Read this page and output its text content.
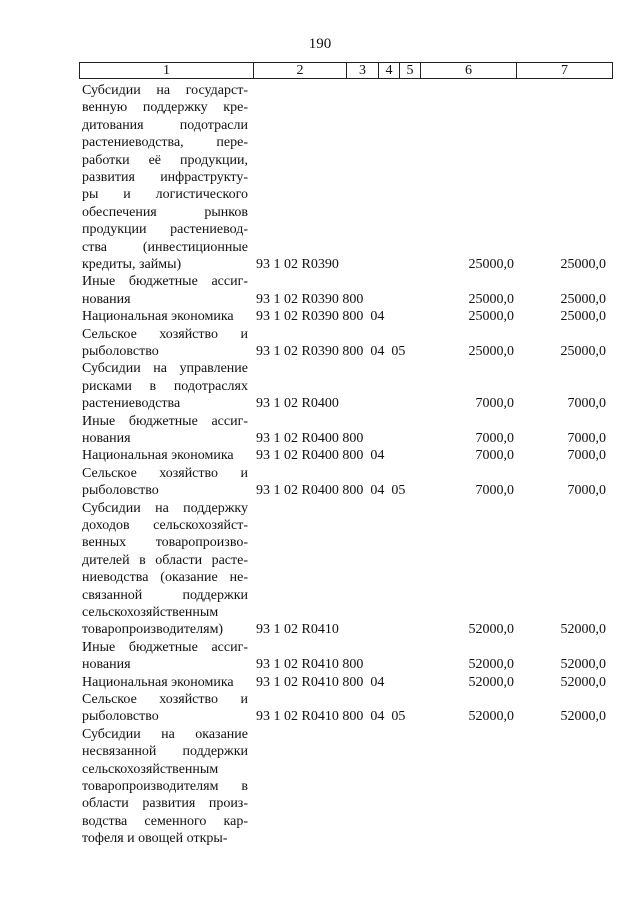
190
1	2	3	4	5	6	7
Субсидии на государст-
венную поддержку кре-
дитования подотрасли
растениеводства, пере-
работки её продукции,
развития инфраструкту-
ры и логистического
обеспечения рынков
продукции растениевод-
ства (инвестиционные
кредиты, займы)	93 1 02 R0390	25000,0	25000,0
Иные бюджетные ассиг-
нования	93 1 02 R0390 800	25000,0	25000,0
Национальная экономика	93 1 02 R0390 800  04	25000,0	25000,0
Сельское хозяйство и
рыболовство	93 1 02 R0390 800  04  05	25000,0	25000,0
Субсидии на управление
рисками в подотраслях
растениеводства	93 1 02 R0400	7000,0	7000,0
Иные бюджетные ассиг-
нования	93 1 02 R0400 800	7000,0	7000,0
Национальная экономика	93 1 02 R0400 800  04	7000,0	7000,0
Сельское хозяйство и
рыболовство	93 1 02 R0400 800  04  05	7000,0	7000,0
Субсидии на поддержку
доходов сельскохозяйст-
венных товаропроизво-
дителей в области расте-
ниеводства (оказание не-
связанной поддержки
сельскохозяйственным
товаропроизводителям)	93 1 02 R0410	52000,0	52000,0
Иные бюджетные ассиг-
нования	93 1 02 R0410 800	52000,0	52000,0
Национальная экономика	93 1 02 R0410 800  04	52000,0	52000,0
Сельское хозяйство и
рыболовство	93 1 02 R0410 800  04  05	52000,0	52000,0
Субсидии на оказание
несвязанной поддержки
сельскохозяйственным
товаропроизводителям в
области развития произ-
водства семенного кар-
тофеля и овощей откры-
